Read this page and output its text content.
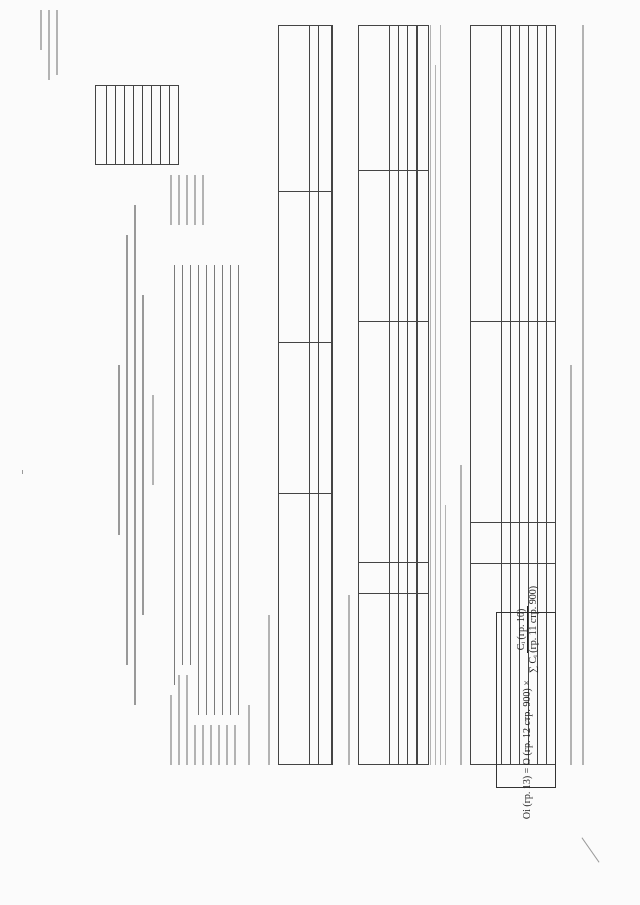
Oi (гр. 13) = O (гр. 12 стр. 900) ×
Cᵢ (гр. 10) ∑ Cᵢ (гр. 11 стр. 900)
